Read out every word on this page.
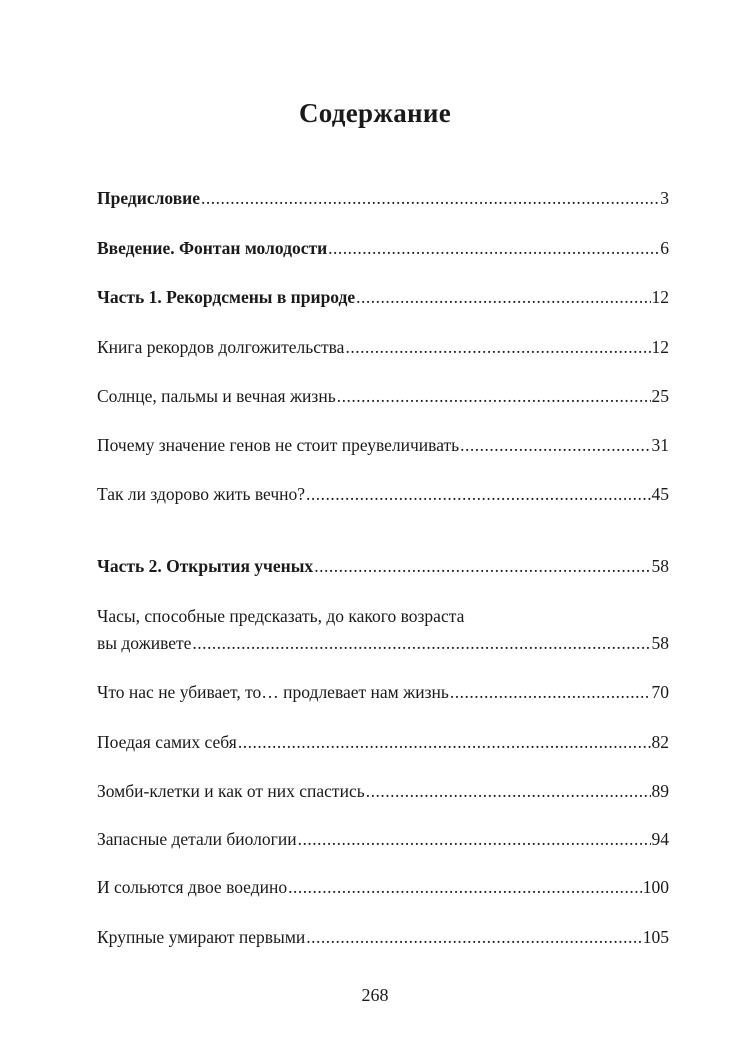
Содержание
Предисловие .....	3
Введение. Фонтан молодости .....	6
Часть 1. Рекордсмены в природе .....	12
Книга рекордов долгожительства .....	12
Солнце, пальмы и вечная жизнь .....	25
Почему значение генов не стоит преувеличивать .....	31
Так ли здорово жить вечно? .....	45
Часть 2. Открытия ученых .....	58
Часы, способные предсказать, до какого возраста
вы доживете .....	58
Что нас не убивает, то… продлевает нам жизнь .....	70
Поедая самих себя .....	82
Зомби-клетки и как от них спастись .....	89
Запасные детали биологии .....	94
И сольются двое воедино .....	100
Крупные умирают первыми .....	105
268
